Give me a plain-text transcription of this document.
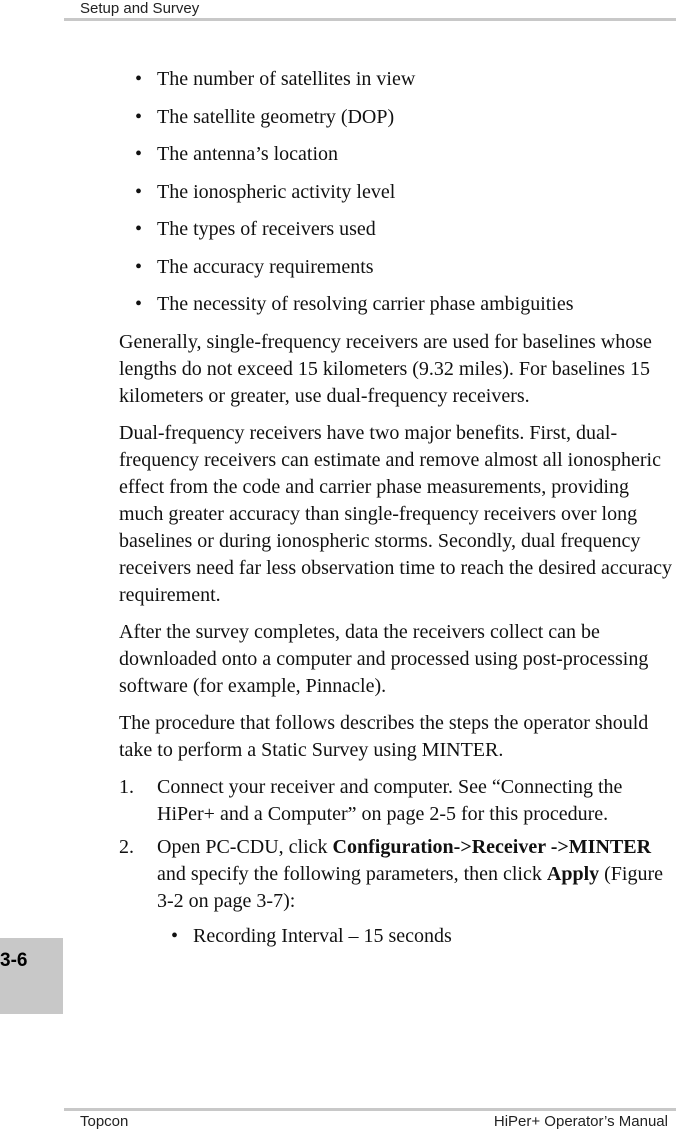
Setup and Survey
• The number of satellites in view
• The satellite geometry (DOP)
• The antenna’s location
• The ionospheric activity level
• The types of receivers used
• The accuracy requirements
• The necessity of resolving carrier phase ambiguities

Generally, single-frequency receivers are used for baselines whose lengths do not exceed 15 kilometers (9.32 miles). For baselines 15 kilometers or greater, use dual-frequency receivers.

Dual-frequency receivers have two major benefits. First, dual-frequency receivers can estimate and remove almost all ionospheric effect from the code and carrier phase measurements, providing much greater accuracy than single-frequency receivers over long baselines or during ionospheric storms. Secondly, dual frequency receivers need far less observation time to reach the desired accuracy requirement.

After the survey completes, data the receivers collect can be downloaded onto a computer and processed using post-processing software (for example, Pinnacle).

The procedure that follows describes the steps the operator should take to perform a Static Survey using MINTER.

1. Connect your receiver and computer. See “Connecting the HiPer+ and a Computer” on page 2-5 for this procedure.
2. Open PC-CDU, click Configuration->Receiver ->MINTER and specify the following parameters, then click Apply (Figure 3-2 on page 3-7):
• Recording Interval – 15 seconds
3-6
Topcon	HiPer+ Operator’s Manual
